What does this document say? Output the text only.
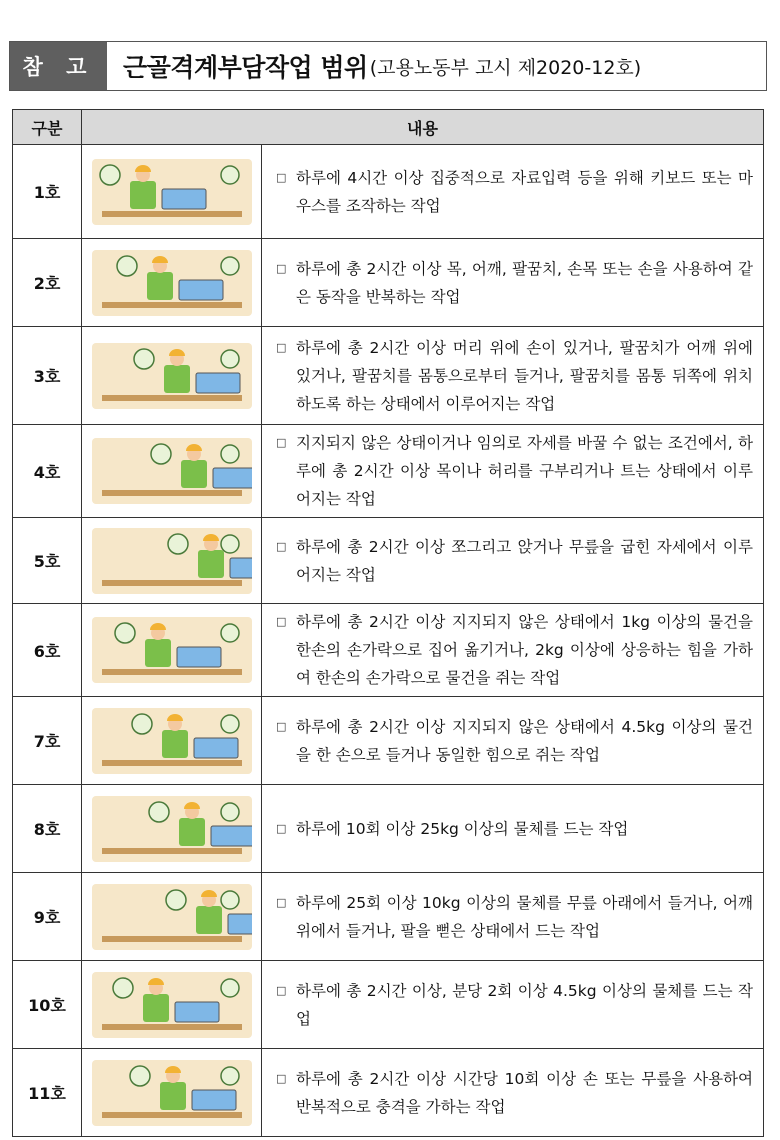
참 고	근골격계부담작업 범위 (고용노동부 고시 제2020-12호)
구분	내용	
1호		□ 하루에 4시간 이상 집중적으로 자료입력 등을 위해 키보드 또는 마우스를 조작하는 작업

2호		□ 하루에 총 2시간 이상 목, 어깨, 팔꿈치, 손목 또는 손을 사용하여 같은 동작을 반복하는 작업

3호		□ 하루에 총 2시간 이상 머리 위에 손이 있거나, 팔꿈치가 어깨 위에 있거나, 팔꿈치를 몸통으로부터 들거나, 팔꿈치를 몸통 뒤쪽에 위치하도록 하는 상태에서 이루어지는 작업

4호		□ 지지되지 않은 상태이거나 임의로 자세를 바꿀 수 없는 조건에서, 하루에 총 2시간 이상 목이나 허리를 구부리거나 트는 상태에서 이루어지는 작업

5호		□ 하루에 총 2시간 이상 쪼그리고 앉거나 무릎을 굽힌 자세에서 이루어지는 작업

6호		□ 하루에 총 2시간 이상 지지되지 않은 상태에서 1kg 이상의 물건을 한손의 손가락으로 집어 옮기거나, 2kg 이상에 상응하는 힘을 가하여 한손의 손가락으로 물건을 쥐는 작업

7호		□ 하루에 총 2시간 이상 지지되지 않은 상태에서 4.5kg 이상의 물건을 한 손으로 들거나 동일한 힘으로 쥐는 작업

8호		□ 하루에 10회 이상 25kg 이상의 물체를 드는 작업

9호		□ 하루에 25회 이상 10kg 이상의 물체를 무릎 아래에서 들거나, 어깨 위에서 들거나, 팔을 뻗은 상태에서 드는 작업

10호		□ 하루에 총 2시간 이상, 분당 2회 이상 4.5kg 이상의 물체를 드는 작업

11호		□ 하루에 총 2시간 이상 시간당 10회 이상 손 또는 무릎을 사용하여 반복적으로 충격을 가하는 작업
